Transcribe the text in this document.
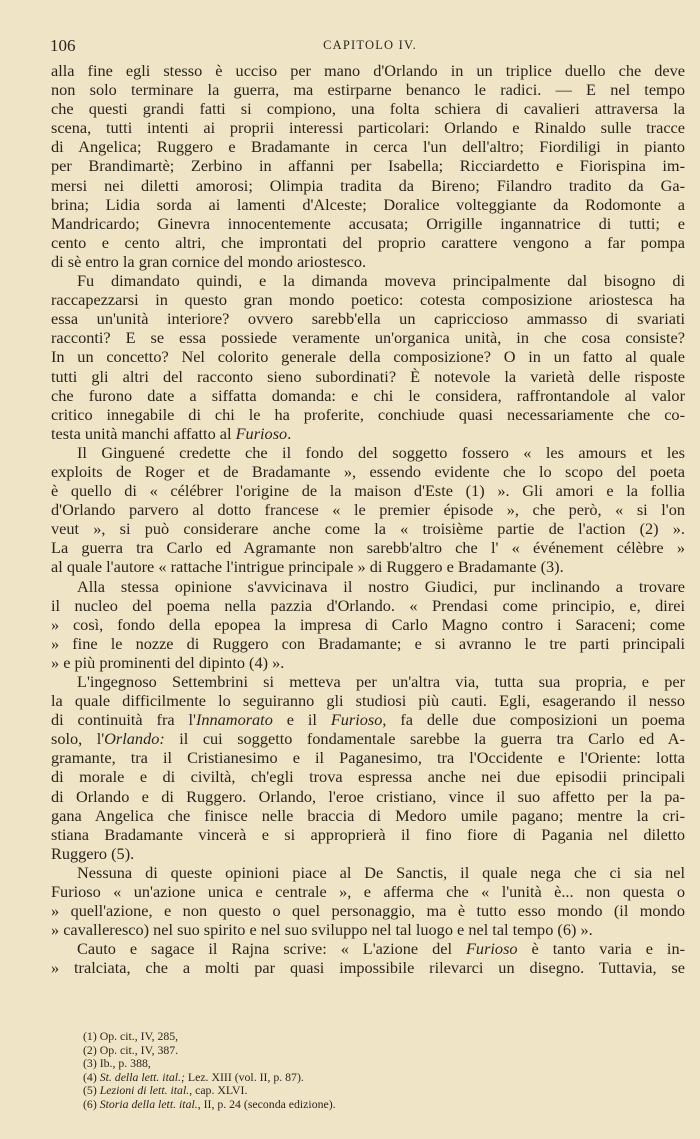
106	CAPITOLO IV.
alla fine egli stesso è ucciso per mano d'Orlando in un triplice duello che deve
non solo terminare la guerra, ma estirparne benanco le radici. — E nel tempo
che questi grandi fatti si compiono, una folta schiera di cavalieri attraversa la
scena, tutti intenti ai proprii interessi particolari: Orlando e Rinaldo sulle tracce
di Angelica; Ruggero e Bradamante in cerca l'un dell'altro; Fiordiligi in pianto
per Brandimartè; Zerbino in affanni per Isabella; Ricciardetto e Fiorispina im-
mersi nei diletti amorosi; Olimpia tradita da Bireno; Filandro tradito da Ga-
brina; Lidia sorda ai lamenti d'Alceste; Doralice volteggiante da Rodomonte a
Mandricardo; Ginevra innocentemente accusata; Orrigille ingannatrice di tutti; e
cento e cento altri, che improntati del proprio carattere vengono a far pompa
di sè entro la gran cornice del mondo ariostesco.
Fu dimandato quindi, e la dimanda moveva principalmente dal bisogno di
raccapezzarsi in questo gran mondo poetico: cotesta composizione ariostesca ha
essa un'unità interiore? ovvero sarebb'ella un capriccioso ammasso di svariati
racconti? E se essa possiede veramente un'organica unità, in che cosa consiste?
In un concetto? Nel colorito generale della composizione? O in un fatto al quale
tutti gli altri del racconto sieno subordinati? È notevole la varietà delle risposte
che furono date a siffatta domanda: e chi le considera, raffrontandole al valor
critico innegabile di chi le ha proferite, conchiude quasi necessariamente che co-
testa unità manchi affatto al Furioso.
Il Ginguené credette che il fondo del soggetto fossero « les amours et les
exploits de Roger et de Bradamante », essendo evidente che lo scopo del poeta
è quello di « célébrer l'origine de la maison d'Este (1) ». Gli amori e la follia
d'Orlando parvero al dotto francese « le premier épisode », che però, « si l'on
veut », si può considerare anche come la « troisième partie de l'action (2) ».
La guerra tra Carlo ed Agramante non sarebb'altro che l' « événement célèbre »
al quale l'autore « rattache l'intrigue principale » di Ruggero e Bradamante (3).
Alla stessa opinione s'avvicinava il nostro Giudici, pur inclinando a trovare
il nucleo del poema nella pazzia d'Orlando. « Prendasi come principio, e, direi
» così, fondo della epopea la impresa di Carlo Magno contro i Saraceni; come
» fine le nozze di Ruggero con Bradamante; e si avranno le tre parti principali
» e più prominenti del dipinto (4) ».
L'ingegnoso Settembrini si metteva per un'altra via, tutta sua propria, e per
la quale difficilmente lo seguiranno gli studiosi più cauti. Egli, esagerando il nesso
di continuità fra l'Innamorato e il Furioso, fa delle due composizioni un poema
solo, l'Orlando: il cui soggetto fondamentale sarebbe la guerra tra Carlo ed A-
gramante, tra il Cristianesimo e il Paganesimo, tra l'Occidente e l'Oriente: lotta
di morale e di civiltà, ch'egli trova espressa anche nei due episodii principali
di Orlando e di Ruggero. Orlando, l'eroe cristiano, vince il suo affetto per la pa-
gana Angelica che finisce nelle braccia di Medoro umile pagano; mentre la cri-
stiana Bradamante vincerà e si approprierà il fino fiore di Pagania nel diletto
Ruggero (5).
Nessuna di queste opinioni piace al De Sanctis, il quale nega che ci sia nel
Furioso « un'azione unica e centrale », e afferma che « l'unità è... non questa o
» quell'azione, e non questo o quel personaggio, ma è tutto esso mondo (il mondo
» cavalleresco) nel suo spirito e nel suo sviluppo nel tal luogo e nel tal tempo (6) ».
Cauto e sagace il Rajna scrive: « L'azione del Furioso è tanto varia e in-
» tralciata, che a molti par quasi impossibile rilevarci un disegno. Tuttavia, se
(1) Op. cit., IV, 285,
(2) Op. cit., IV, 387.
(3) Ib., p. 388,
(4) St. della lett. ital.; Lez. XIII (vol. II, p. 87).
(5) Lezioni di lett. ital., cap. XLVI.
(6) Storia della lett. ital., II, p. 24 (seconda edizione).
